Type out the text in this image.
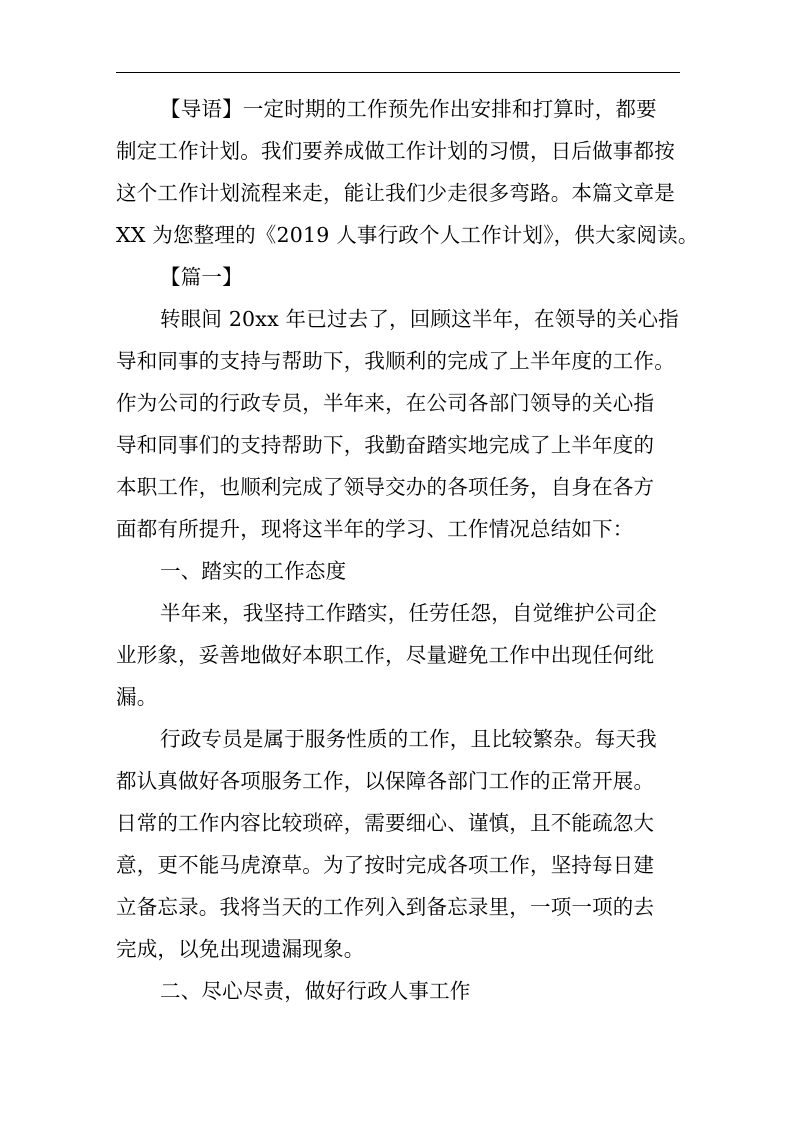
【导语】一定时期的工作预先作出安排和打算时，都要
制定工作计划。我们要养成做工作计划的习惯，日后做事都按
这个工作计划流程来走，能让我们少走很多弯路。本篇文章是
XX 为您整理的《2019 人事行政个人工作计划》，供大家阅读。
【篇一】
转眼间 20xx 年已过去了，回顾这半年，在领导的关心指
导和同事的支持与帮助下，我顺利的完成了上半年度的工作。
作为公司的行政专员，半年来，在公司各部门领导的关心指
导和同事们的支持帮助下，我勤奋踏实地完成了上半年度的
本职工作，也顺利完成了领导交办的各项任务，自身在各方
面都有所提升，现将这半年的学习、工作情况总结如下：
一、踏实的工作态度
半年来，我坚持工作踏实，任劳任怨，自觉维护公司企
业形象，妥善地做好本职工作，尽量避免工作中出现任何纰
漏。
行政专员是属于服务性质的工作，且比较繁杂。每天我
都认真做好各项服务工作，以保障各部门工作的正常开展。
日常的工作内容比较琐碎，需要细心、谨慎，且不能疏忽大
意，更不能马虎潦草。为了按时完成各项工作，坚持每日建
立备忘录。我将当天的工作列入到备忘录里，一项一项的去
完成，以免出现遗漏现象。
二、尽心尽责，做好行政人事工作
